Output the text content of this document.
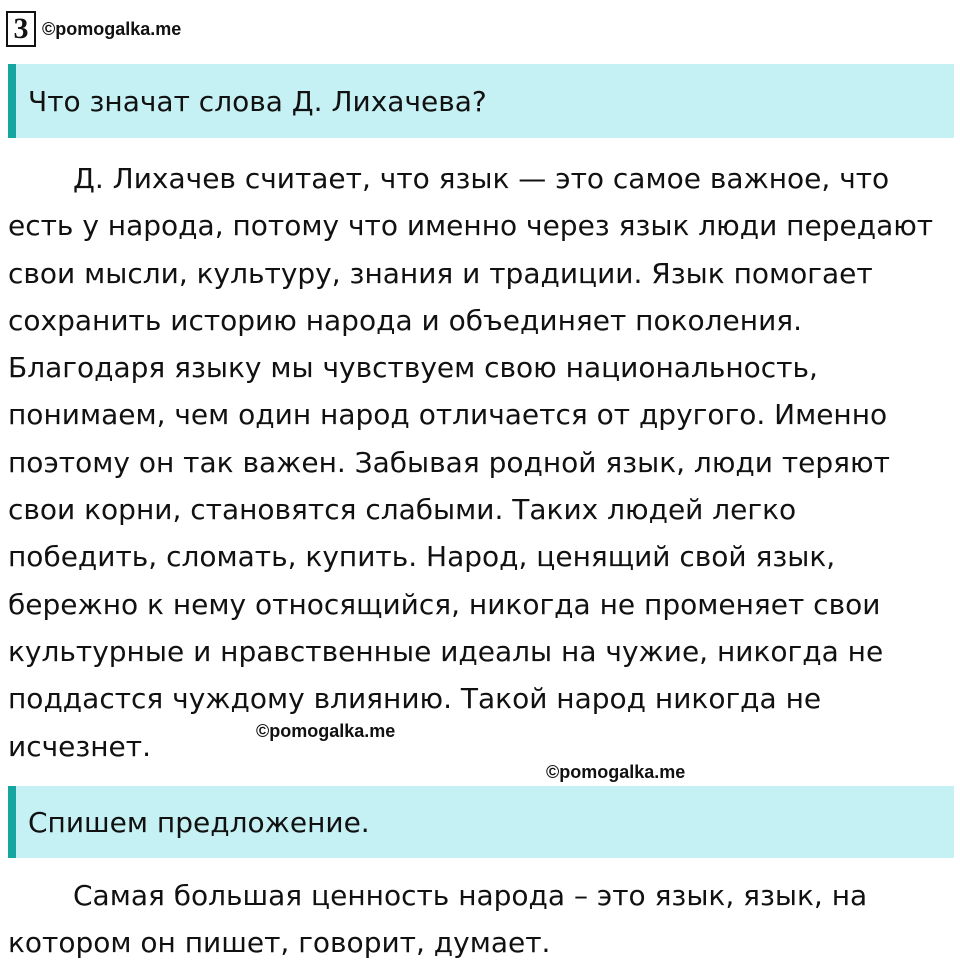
3 ©pomogalka.me
Что значат слова Д. Лихачева?

Д. Лихачев считает, что язык — это самое важное, что есть у народа, потому что именно через язык люди передают свои мысли, культуру, знания и традиции. Язык помогает сохранить историю народа и объединяет поколения. Благодаря языку мы чувствуем свою национальность, понимаем, чем один народ отличается от другого. Именно поэтому он так важен. Забывая родной язык, люди теряют свои корни, становятся слабыми. Таких людей легко победить, сломать, купить. Народ, ценящий свой язык, бережно к нему относящийся, никогда не променяет свои культурные и нравственные идеалы на чужие, никогда не поддастся чуждому влиянию. Такой народ никогда не исчезнет.	©pomogalka.me
©pomogalka.me
Спишем предложение.

Самая большая ценность народа – это язык, язык, на котором он пишет, говорит, думает.
